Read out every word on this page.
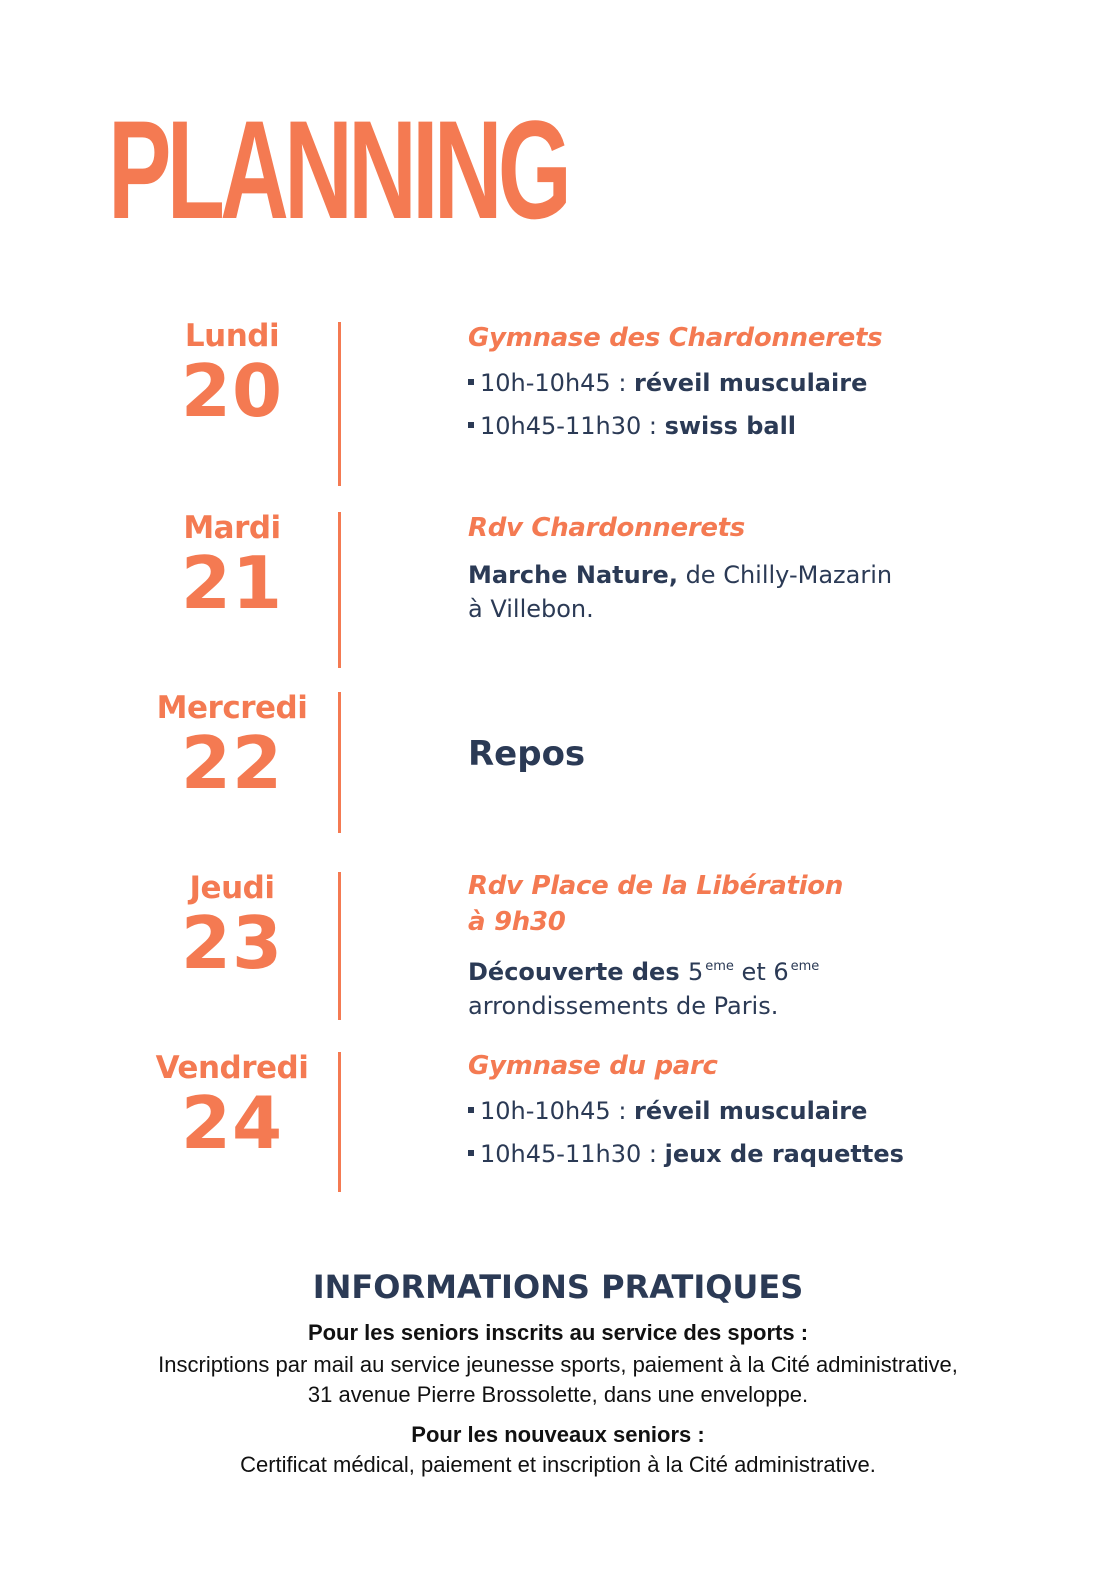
PLANNING
Lundi
20
Gymnase des Chardonnerets
10h-10h45 : réveil musculaire
10h45-11h30 : swiss ball
Mardi
21
Rdv Chardonnerets
Marche Nature, de Chilly-Mazarin
à Villebon.
Mercredi
22	Repos
Jeudi
23
Rdv Place de la Libération
à 9h30
Découverte des 5 $^{eme}$ et 6 $^{eme}$
arrondissements de Paris.
Vendredi
24
Gymnase du parc
10h-10h45 : réveil musculaire
10h45-11h30 : jeux de raquettes
INFORMATIONS PRATIQUES
Pour les seniors inscrits au service des sports :
Inscriptions par mail au service jeunesse sports, paiement à la Cité administrative,
31 avenue Pierre Brossolette, dans une enveloppe.
Pour les nouveaux seniors :
Certificat médical, paiement et inscription à la Cité administrative.
